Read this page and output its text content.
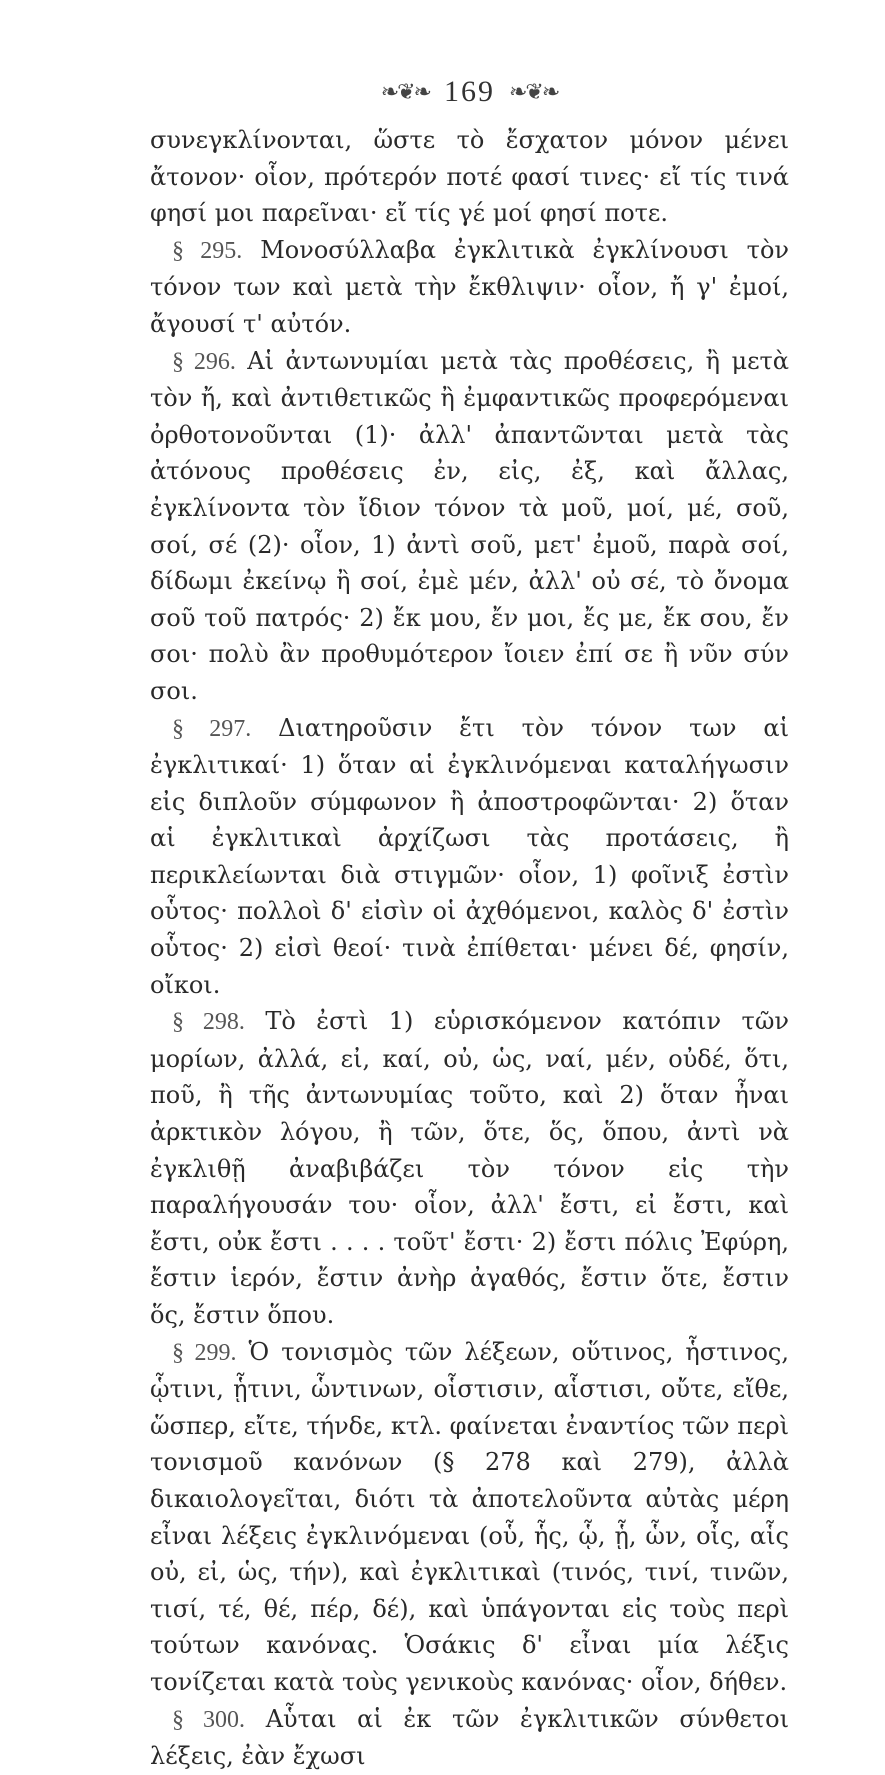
❧❦❧ 169 ❧❦❧

συνεγκλίνονται, ὥστε τὸ ἔσχατον μόνον μένει ἄτονον· οἷον, πρότερόν ποτέ φασί τινες· εἴ τίς τινά φησί μοι παρεῖναι· εἴ τίς γέ μοί φησί ποτε.

§ 295. Μονοσύλλαβα ἐγκλιτικὰ ἐγκλίνουσι τὸν τόνον των καὶ μετὰ τὴν ἔκθλιψιν· οἷον, ἤ γ' ἐμοί, ἄγουσί τ' αὐτόν.

§ 296. Αἱ ἀντωνυμίαι μετὰ τὰς προθέσεις, ἢ μετὰ τὸν ἤ, καὶ ἀντιθετικῶς ἢ ἐμφαντικῶς προφερόμεναι ὀρθοτονοῦνται (1)· ἀλλ' ἀπαντῶνται μετὰ τὰς ἀτόνους προθέσεις ἐν, εἰς, ἐξ, καὶ ἄλλας, ἐγκλίνοντα τὸν ἴδιον τόνον τὰ μοῦ, μοί, μέ, σοῦ, σοί, σέ (2)· οἷον, 1) ἀντὶ σοῦ, μετ' ἐμοῦ, παρὰ σοί, δίδωμι ἐκείνῳ ἢ σοί, ἐμὲ μέν, ἀλλ' οὐ σέ, τὸ ὄνομα σοῦ τοῦ πατρός· 2) ἔκ μου, ἔν μοι, ἔς με, ἔκ σου, ἔν σοι· πολὺ ἂν προθυμότερον ἴοιεν ἐπί σε ἢ νῦν σύν σοι.

§ 297. Διατηροῦσιν ἔτι τὸν τόνον των αἱ ἐγκλιτικαί· 1) ὅταν αἱ ἐγκλινόμεναι καταλήγωσιν εἰς διπλοῦν σύμφωνον ἢ ἀποστροφῶνται· 2) ὅταν αἱ ἐγκλιτικαὶ ἀρχίζωσι τὰς προτάσεις, ἢ περικλείωνται διὰ στιγμῶν· οἷον, 1) φοῖνιξ ἐστὶν οὗτος· πολλοὶ δ' εἰσὶν οἱ ἀχθόμενοι, καλὸς δ' ἐστὶν οὗτος· 2) εἰσὶ θεοί· τινὰ ἐπίθεται· μένει δέ, φησίν, οἴκοι.

§ 298. Τὸ ἐστὶ 1) εὑρισκόμενον κατόπιν τῶν μορίων, ἀλλά, εἰ, καί, οὐ, ὡς, ναί, μέν, οὐδέ, ὅτι, ποῦ, ἢ τῆς ἀντωνυμίας τοῦτο, καὶ 2) ὅταν ἦναι ἀρκτικὸν λόγου, ἢ τῶν, ὅτε, ὅς, ὅπου, ἀντὶ νὰ ἐγκλιθῇ ἀναβιβάζει τὸν τόνον εἰς τὴν παραλήγουσάν του· οἷον, ἀλλ' ἔστι, εἰ ἔστι, καὶ ἔστι, οὐκ ἔστι . . . . τοῦτ' ἔστι· 2) ἔστι πόλις Ἐφύρη, ἔστιν ἱερόν, ἔστιν ἀνὴρ ἀγαθός, ἔστιν ὅτε, ἔστιν ὅς, ἔστιν ὅπου.

§ 299. Ὁ τονισμὸς τῶν λέξεων, οὕτινος, ἧστινος, ᾧτινι, ᾗτινι, ὧντινων, οἷστισιν, αἷστισι, οὔτε, εἴθε, ὥσπερ, εἴτε, τήνδε, κτλ. φαίνεται ἐναντίος τῶν περὶ τονισμοῦ κανόνων (§ 278 καὶ 279), ἀλλὰ δικαιολογεῖται, διότι τὰ ἀποτελοῦντα αὐτὰς μέρη εἶναι λέξεις ἐγκλινόμεναι (οὗ, ἧς, ᾧ, ᾗ, ὧν, οἷς, αἷς οὐ, εἰ, ὡς, τήν), καὶ ἐγκλιτικαὶ (τινός, τινί, τινῶν, τισί, τέ, θέ, πέρ, δέ), καὶ ὑπάγονται εἰς τοὺς περὶ τούτων κανόνας. Ὁσάκις δ' εἶναι μία λέξις τονίζεται κατὰ τοὺς γενικοὺς κανόνας· οἷον, δήθεν.

§ 300. Αὗται αἱ ἐκ τῶν ἐγκλιτικῶν σύνθετοι λέξεις, ἐὰν ἔχωσι
